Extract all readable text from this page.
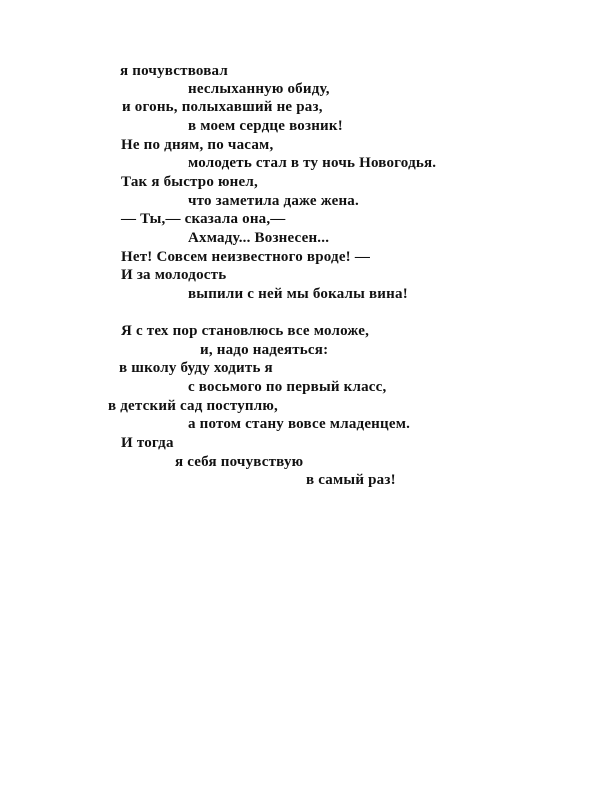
я почувствовал
неслыханную обиду,
и огонь, полыхавший не раз,
в моем сердце возник!
Не по дням, по часам,
молодеть стал в ту ночь Новогодья.
Так я быстро юнел,
что заметила даже жена.
— Ты,— сказала она,—
Ахмаду... Вознесен...
Нет! Совсем неизвестного вроде! —
И за молодость
выпили с ней мы бокалы вина!
Я с тех пор становлюсь все моложе,
и, надо надеяться:
в школу буду ходить я
с восьмого по первый класс,
в детский сад поступлю,
а потом стану вовсе младенцем.
И тогда
я себя почувствую
в самый раз!
